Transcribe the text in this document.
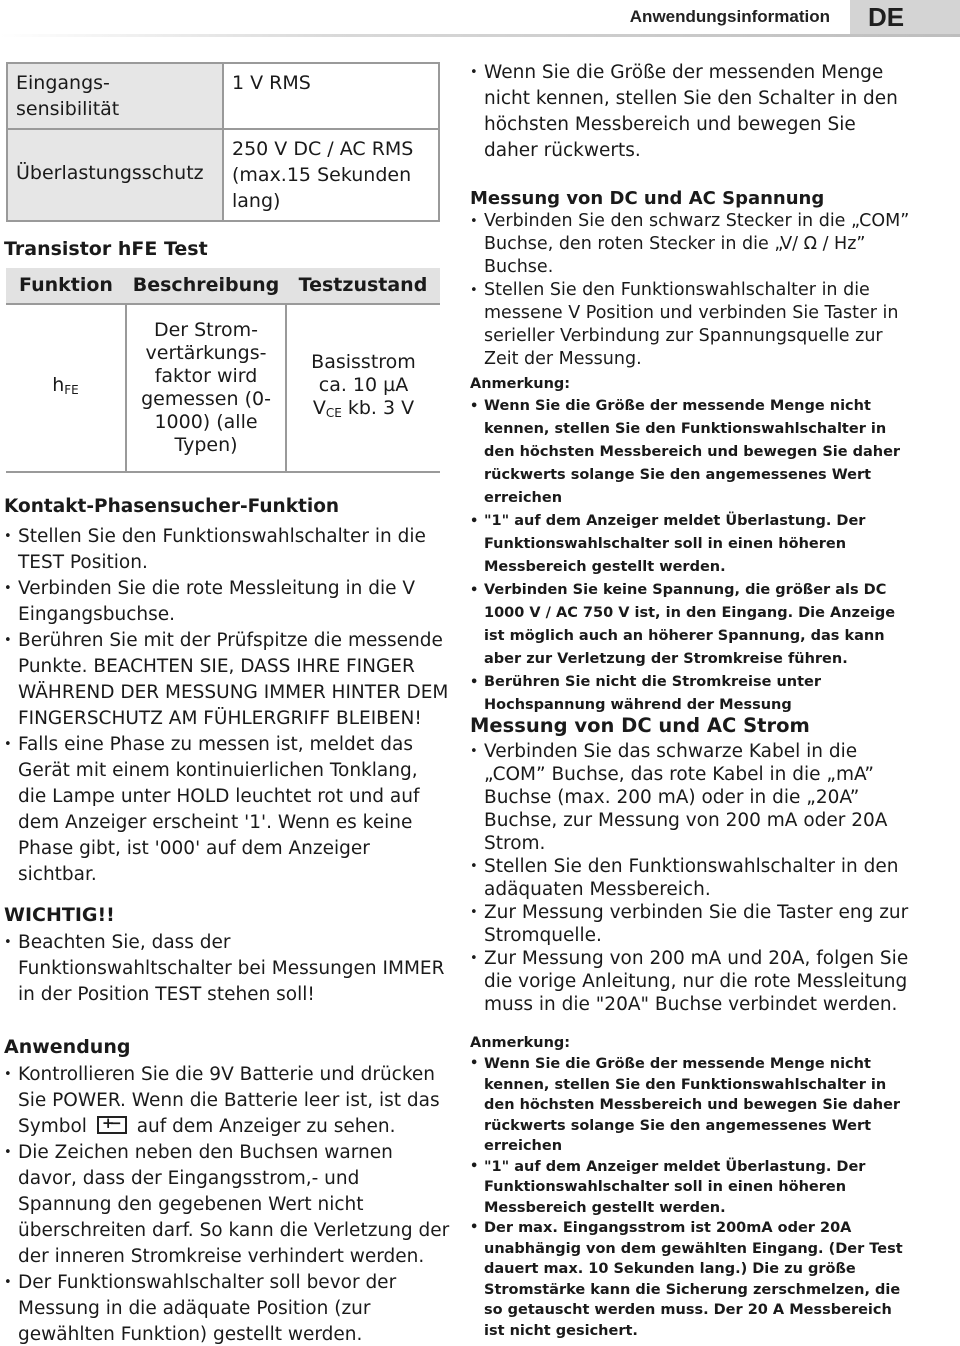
Anwendungsinformation	DE
Eingangs-
sensibilität	1 V RMS
Überlastungsschutz	250 V DC / AC RMS (max.15 Sekunden lang)
Transistor hFE Test
Funktion	Beschreibung	Testzustand
$h_{FE}$	Der Strom-vertärkungs-faktor wird gemessen (0-1000) (alle Typen)	Basisstrom ca. 10 µA
$V_{CE}$ kb. 3 V
Kontakt-Phasensucher-Funktion
• Stellen Sie den Funktionswahlschalter in die TEST Position.
• Verbinden Sie die rote Messleitung in die V Eingangsbuchse.
• Berühren Sie mit der Prüfspitze die messende Punkte. BEACHTEN SIE, DASS IHRE FINGER WÄHREND DER MESSUNG IMMER HINTER DEM FINGERSCHUTZ AM FÜHLERGRIFF BLEIBEN!
• Falls eine Phase zu messen ist, meldet das Gerät mit einem kontinuierlichen Tonklang, die Lampe unter HOLD leuchtet rot und auf dem Anzeiger erscheint '1'. Wenn es keine Phase gibt, ist '000' auf dem Anzeiger sichtbar.
WICHTIG!!
• Beachten Sie, dass der Funktionswahltschalter bei Messungen IMMER in der Position TEST stehen soll!
Anwendung
• Kontrollieren Sie die 9V Batterie und drücken Sie POWER. Wenn die Batterie leer ist, ist das Symbol + −	auf dem Anzeiger zu sehen.
• Die Zeichen neben den Buchsen warnen davor, dass der Eingangsstrom,- und Spannung den gegebenen Wert nicht überschreiten darf. So kann die Verletzung der der inneren Stromkreise verhindert werden.
• Der Funktionswahlschalter soll bevor der Messung in die adäquate Position (zur gewählten Funktion) gestellt werden.
• Wenn Sie die Größe der messenden Menge nicht kennen, stellen Sie den Schalter in den höchsten Messbereich und bewegen Sie daher rückwerts.
Messung von DC und AC Spannung
• Verbinden Sie den schwarz Stecker in die „COM” Buchse, den roten Stecker in die „V/ Ω / Hz” Buchse.
• Stellen Sie den Funktionswahlschalter in die messene V Position und verbinden Sie Taster in serieller Verbindung zur Spannungsquelle zur Zeit der Messung.
Anmerkung:
• Wenn Sie die Größe der messende Menge nicht kennen, stellen Sie den Funktionswahlschalter in den höchsten Messbereich und bewegen Sie daher rückwerts solange Sie den angemessenes Wert erreichen
• "1" auf dem Anzeiger meldet Überlastung. Der Funktionswahlschalter soll in einen höheren Messbereich gestellt werden.
• Verbinden Sie keine Spannung, die größer als DC 1000 V / AC 750 V ist, in den Eingang. Die Anzeige ist möglich auch an höherer Spannung, das kann aber zur Verletzung der Stromkreise führen.
• Berühren Sie nicht die Stromkreise unter Hochspannung während der Messung
Messung von DC und AC Strom
• Verbinden Sie das schwarze Kabel in die „COM” Buchse, das rote Kabel in die „mA” Buchse (max. 200 mA) oder in die „20A” Buchse, zur Messung von 200 mA oder 20A Strom.
• Stellen Sie den Funktionswahlschalter in den adäquaten Messbereich.
• Zur Messung verbinden Sie die Taster eng zur Stromquelle.
• Zur Messung von 200 mA und 20A, folgen Sie die vorige Anleitung, nur die rote Messleitung muss in die "20A" Buchse verbindet werden.
Anmerkung:
• Wenn Sie die Größe der messende Menge nicht kennen, stellen Sie den Funktionswahlschalter in den höchsten Messbereich und bewegen Sie daher rückwerts solange Sie den angemessenes Wert erreichen
• "1" auf dem Anzeiger meldet Überlastung. Der Funktionswahlschalter soll in einen höheren Messbereich gestellt werden.
• Der max. Eingangsstrom ist 200mA oder 20A unabhängig von dem gewählten Eingang. (Der Test dauert max. 10 Sekunden lang.) Die zu größe Stromstärke kann die Sicherung zerschmelzen, die so getauscht werden muss. Der 20 A Messbereich ist nicht gesichert.
